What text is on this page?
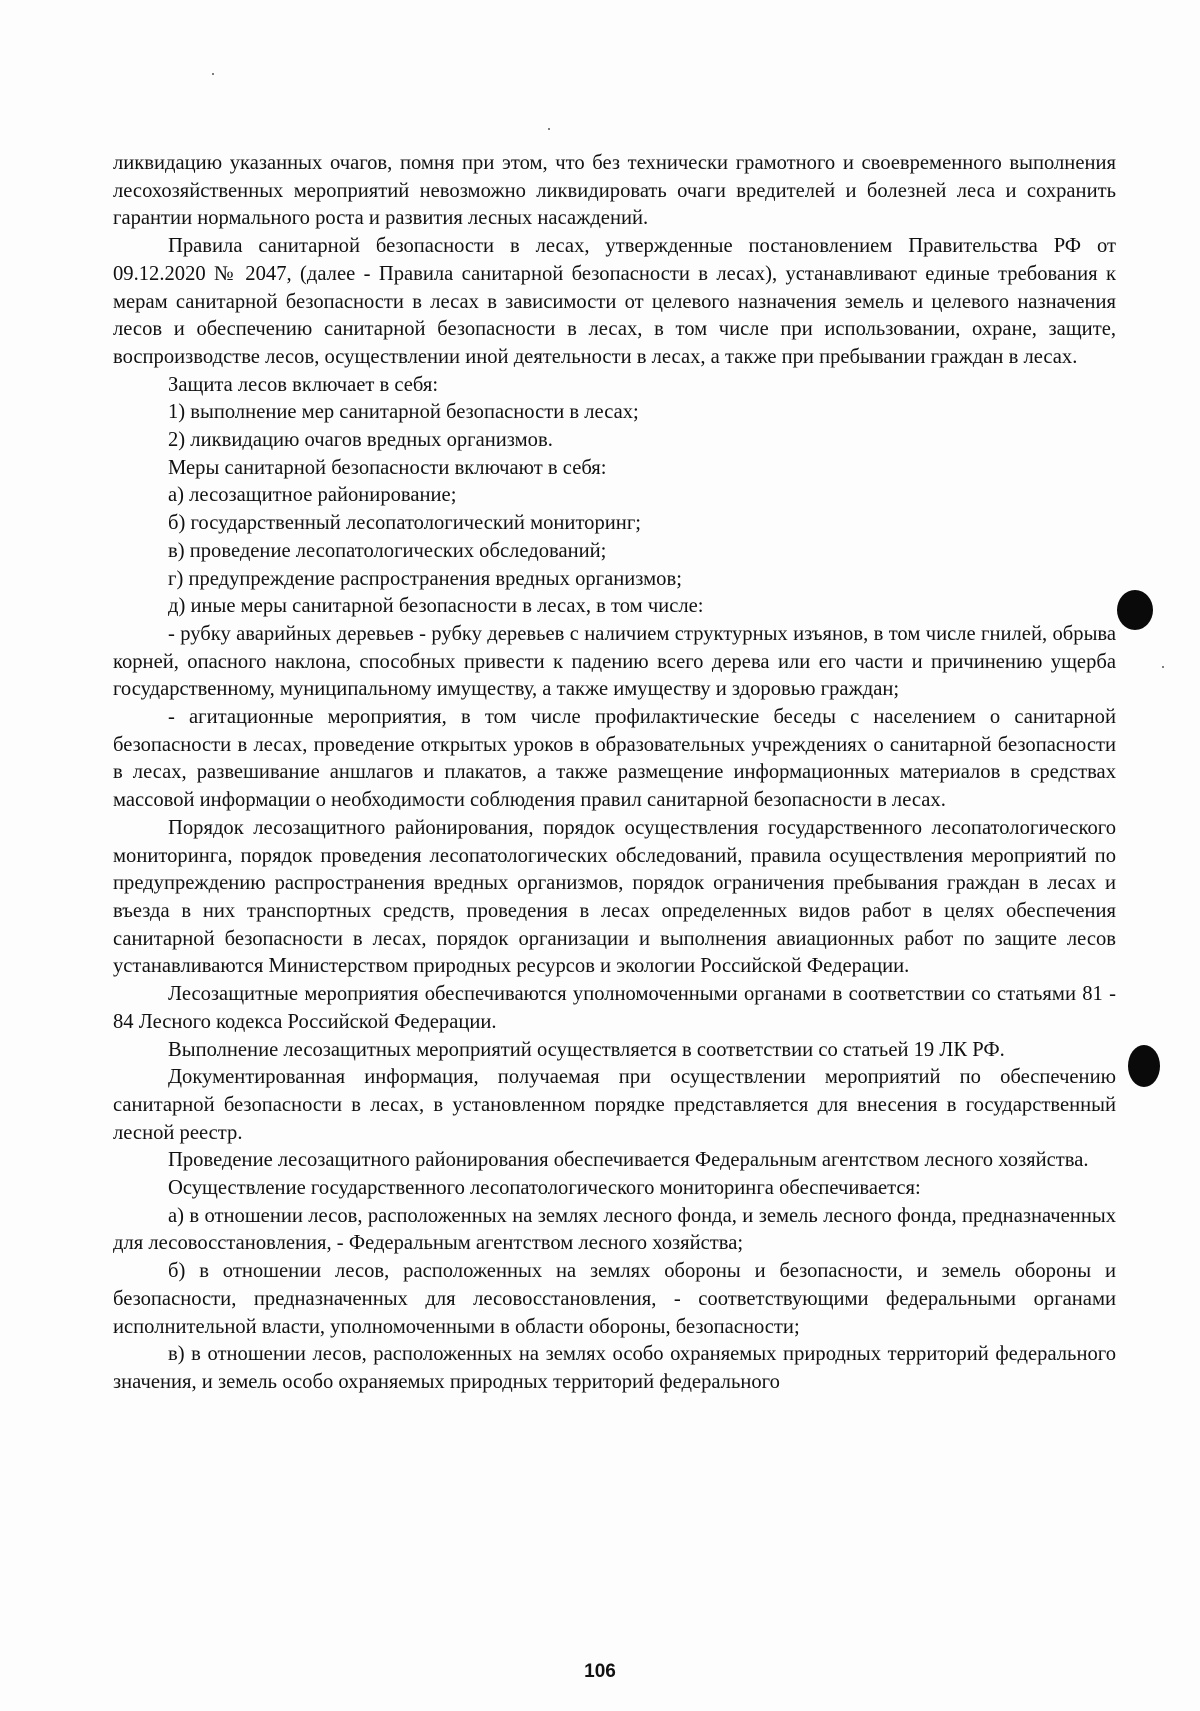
ликвидацию указанных очагов, помня при этом, что без технически грамотного и своевременного выполнения лесохозяйственных мероприятий невозможно ликвидировать очаги вредителей и болезней леса и сохранить гарантии нормального роста и развития лесных насаждений.

Правила санитарной безопасности в лесах, утвержденные постановлением Правительства РФ от 09.12.2020 № 2047, (далее - Правила санитарной безопасности в лесах), устанавливают единые требования к мерам санитарной безопасности в лесах в зависимости от целевого назначения земель и целевого назначения лесов и обеспечению санитарной безопасности в лесах, в том числе при использовании, охране, защите, воспроизводстве лесов, осуществлении иной деятельности в лесах, а также при пребывании граждан в лесах.

Защита лесов включает в себя:

1) выполнение мер санитарной безопасности в лесах;

2) ликвидацию очагов вредных организмов.

Меры санитарной безопасности включают в себя:

а) лесозащитное районирование;

б) государственный лесопатологический мониторинг;

в) проведение лесопатологических обследований;

г) предупреждение распространения вредных организмов;

д) иные меры санитарной безопасности в лесах, в том числе:

- рубку аварийных деревьев - рубку деревьев с наличием структурных изъянов, в том числе гнилей, обрыва корней, опасного наклона, способных привести к падению всего дерева или его части и причинению ущерба государственному, муниципальному имуществу, а также имуществу и здоровью граждан;

- агитационные мероприятия, в том числе профилактические беседы с населением о санитарной безопасности в лесах, проведение открытых уроков в образовательных учреждениях о санитарной безопасности в лесах, развешивание аншлагов и плакатов, а также размещение информационных материалов в средствах массовой информации о необходимости соблюдения правил санитарной безопасности в лесах.

Порядок лесозащитного районирования, порядок осуществления государственного лесопатологического мониторинга, порядок проведения лесопатологических обследований, правила осуществления мероприятий по предупреждению распространения вредных организмов, порядок ограничения пребывания граждан в лесах и въезда в них транспортных средств, проведения в лесах определенных видов работ в целях обеспечения санитарной безопасности в лесах, порядок организации и выполнения авиационных работ по защите лесов устанавливаются Министерством природных ресурсов и экологии Российской Федерации.

Лесозащитные мероприятия обеспечиваются уполномоченными органами в соответствии со статьями 81 - 84 Лесного кодекса Российской Федерации.

Выполнение лесозащитных мероприятий осуществляется в соответствии со статьей 19 ЛК РФ.

Документированная информация, получаемая при осуществлении мероприятий по обеспечению санитарной безопасности в лесах, в установленном порядке представляется для внесения в государственный лесной реестр.

Проведение лесозащитного районирования обеспечивается Федеральным агентством лесного хозяйства.

Осуществление государственного лесопатологического мониторинга обеспечивается:

а) в отношении лесов, расположенных на землях лесного фонда, и земель лесного фонда, предназначенных для лесовосстановления, - Федеральным агентством лесного хозяйства;

б) в отношении лесов, расположенных на землях обороны и безопасности, и земель обороны и безопасности, предназначенных для лесовосстановления, - соответствующими федеральными органами исполнительной власти, уполномоченными в области обороны, безопасности;

в) в отношении лесов, расположенных на землях особо охраняемых природных территорий федерального значения, и земель особо охраняемых природных территорий федерального

106
